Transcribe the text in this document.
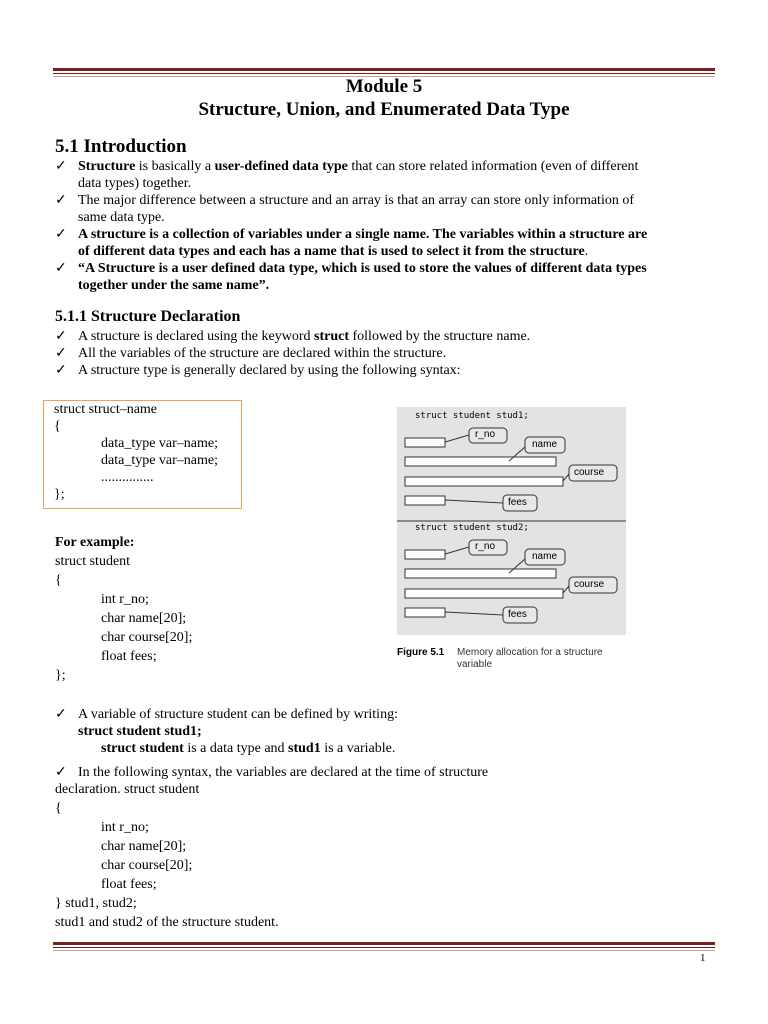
Module 5
Structure, Union, and Enumerated Data Type
5.1 Introduction
✓ Structure is basically a user-defined data type that can store related information (even of different
data types) together.
✓ The major difference between a structure and an array is that an array can store only information of
same data type.
✓ A structure is a collection of variables under a single name. The variables within a structure are
of different data types and each has a name that is used to select it from the structure.
✓ “A Structure is a user defined data type, which is used to store the values of different data types
together under the same name”.
5.1.1 Structure Declaration
✓ A structure is declared using the keyword struct followed by the structure name.
✓ All the variables of the structure are declared within the structure.
✓ A structure type is generally declared by using the following syntax:
struct struct–name
{
data_type var–name;
data_type var–name;
...............
};
For example:
struct student
{
int r_no;
char name[20];
char course[20];
float fees;
};
struct student stud1;
struct student stud2;
r_no
name
course
fees
r_no
name
course
fees
Figure 5.1 Memory allocation for a structure
variable
✓ A variable of structure student can be defined by writing:
struct student stud1;
struct student is a data type and stud1 is a variable.
✓ In the following syntax, the variables are declared at the time of structure
declaration. struct student
{
int r_no;
char name[20];
char course[20];
float fees;
} stud1, stud2;
stud1 and stud2 of the structure student.
1
